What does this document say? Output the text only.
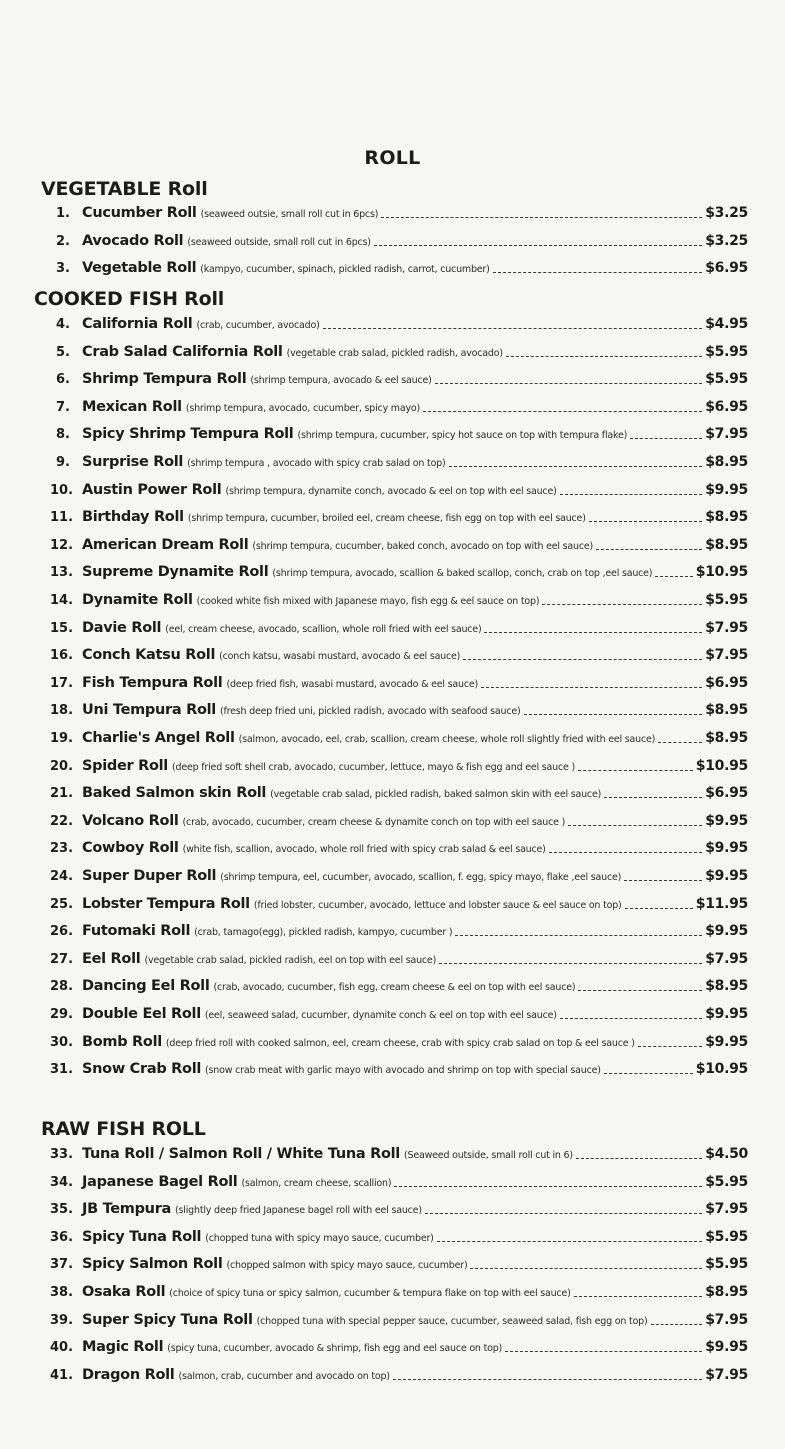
ROLL
VEGETABLE Roll
1. Cucumber Roll (seaweed outsie, small roll cut in 6pcs)	$3.25
2. Avocado Roll (seaweed outside, small roll cut in 6pcs)	$3.25
3. Vegetable Roll (kampyo, cucumber, spinach, pickled radish, carrot, cucumber)	$6.95
COOKED FISH Roll
4. California Roll (crab, cucumber, avocado)	$4.95
5. Crab Salad California Roll (vegetable crab salad, pickled radish, avocado)	$5.95
6. Shrimp Tempura Roll (shrimp tempura, avocado & eel sauce)	$5.95
7. Mexican Roll (shrimp tempura, avocado, cucumber, spicy mayo)	$6.95
8. Spicy Shrimp Tempura Roll (shrimp tempura, cucumber, spicy hot sauce on top with tempura flake)	$7.95
9. Surprise Roll (shrimp tempura , avocado with spicy crab salad on top)	$8.95
10. Austin Power Roll (shrimp tempura, dynamite conch, avocado & eel on top with eel sauce)	$9.95
11. Birthday Roll (shrimp tempura, cucumber, broiled eel, cream cheese, fish egg on top with eel sauce)	$8.95
12. American Dream Roll (shrimp tempura, cucumber, baked conch, avocado on top with eel sauce)	$8.95
13. Supreme Dynamite Roll (shrimp tempura, avocado, scallion & baked scallop, conch, crab on top ,eel sauce)	$10.95
14. Dynamite Roll (cooked white fish mixed with Japanese mayo, fish egg & eel sauce on top)	$5.95
15. Davie Roll (eel, cream cheese, avocado, scallion, whole roll fried with eel sauce)	$7.95
16. Conch Katsu Roll (conch katsu, wasabi mustard, avocado & eel sauce)	$7.95
17. Fish Tempura Roll (deep fried fish, wasabi mustard, avocado & eel sauce)	$6.95
18. Uni Tempura Roll (fresh deep fried uni, pickled radish, avocado with seafood sauce)	$8.95
19. Charlie's Angel Roll (salmon, avocado, eel, crab, scallion, cream cheese, whole roll slightly fried with eel sauce)	$8.95
20. Spider Roll (deep fried soft shell crab, avocado, cucumber, lettuce, mayo & fish egg and eel sauce )	$10.95
21. Baked Salmon skin Roll (vegetable crab salad, pickled radish, baked salmon skin with eel sauce)	$6.95
22. Volcano Roll (crab, avocado, cucumber, cream cheese & dynamite conch on top with eel sauce )	$9.95
23. Cowboy Roll (white fish, scallion, avocado, whole roll fried with spicy crab salad & eel sauce)	$9.95
24. Super Duper Roll (shrimp tempura, eel, cucumber, avocado, scallion, f. egg, spicy mayo, flake ,eel sauce)	$9.95
25. Lobster Tempura Roll (fried lobster, cucumber, avocado, lettuce and lobster sauce & eel sauce on top)	$11.95
26. Futomaki Roll (crab, tamago(egg), pickled radish, kampyo, cucumber )	$9.95
27. Eel Roll (vegetable crab salad, pickled radish, eel on top with eel sauce)	$7.95
28. Dancing Eel Roll (crab, avocado, cucumber, fish egg, cream cheese & eel on top with eel sauce)	$8.95
29. Double Eel Roll (eel, seaweed salad, cucumber, dynamite conch & eel on top with eel sauce)	$9.95
30. Bomb Roll (deep fried roll with cooked salmon, eel, cream cheese, crab with spicy crab salad on top & eel sauce )	$9.95
31. Snow Crab Roll (snow crab meat with garlic mayo with avocado and shrimp on top with special sauce)	$10.95
RAW FISH ROLL
33. Tuna Roll / Salmon Roll / White Tuna Roll (Seaweed outside, small roll cut in 6)	$4.50
34. Japanese Bagel Roll (salmon, cream cheese, scallion)	$5.95
35. JB Tempura (slightly deep fried Japanese bagel roll with eel sauce)	$7.95
36. Spicy Tuna Roll (chopped tuna with spicy mayo sauce, cucumber)	$5.95
37. Spicy Salmon Roll (chopped salmon with spicy mayo sauce, cucumber)	$5.95
38. Osaka Roll (choice of spicy tuna or spicy salmon, cucumber & tempura flake on top with eel sauce)	$8.95
39. Super Spicy Tuna Roll (chopped tuna with special pepper sauce, cucumber, seaweed salad, fish egg on top)	$7.95
40. Magic Roll (spicy tuna, cucumber, avocado & shrimp, fish egg and eel sauce on top)	$9.95
41. Dragon Roll (salmon, crab, cucumber and avocado on top)	$7.95
